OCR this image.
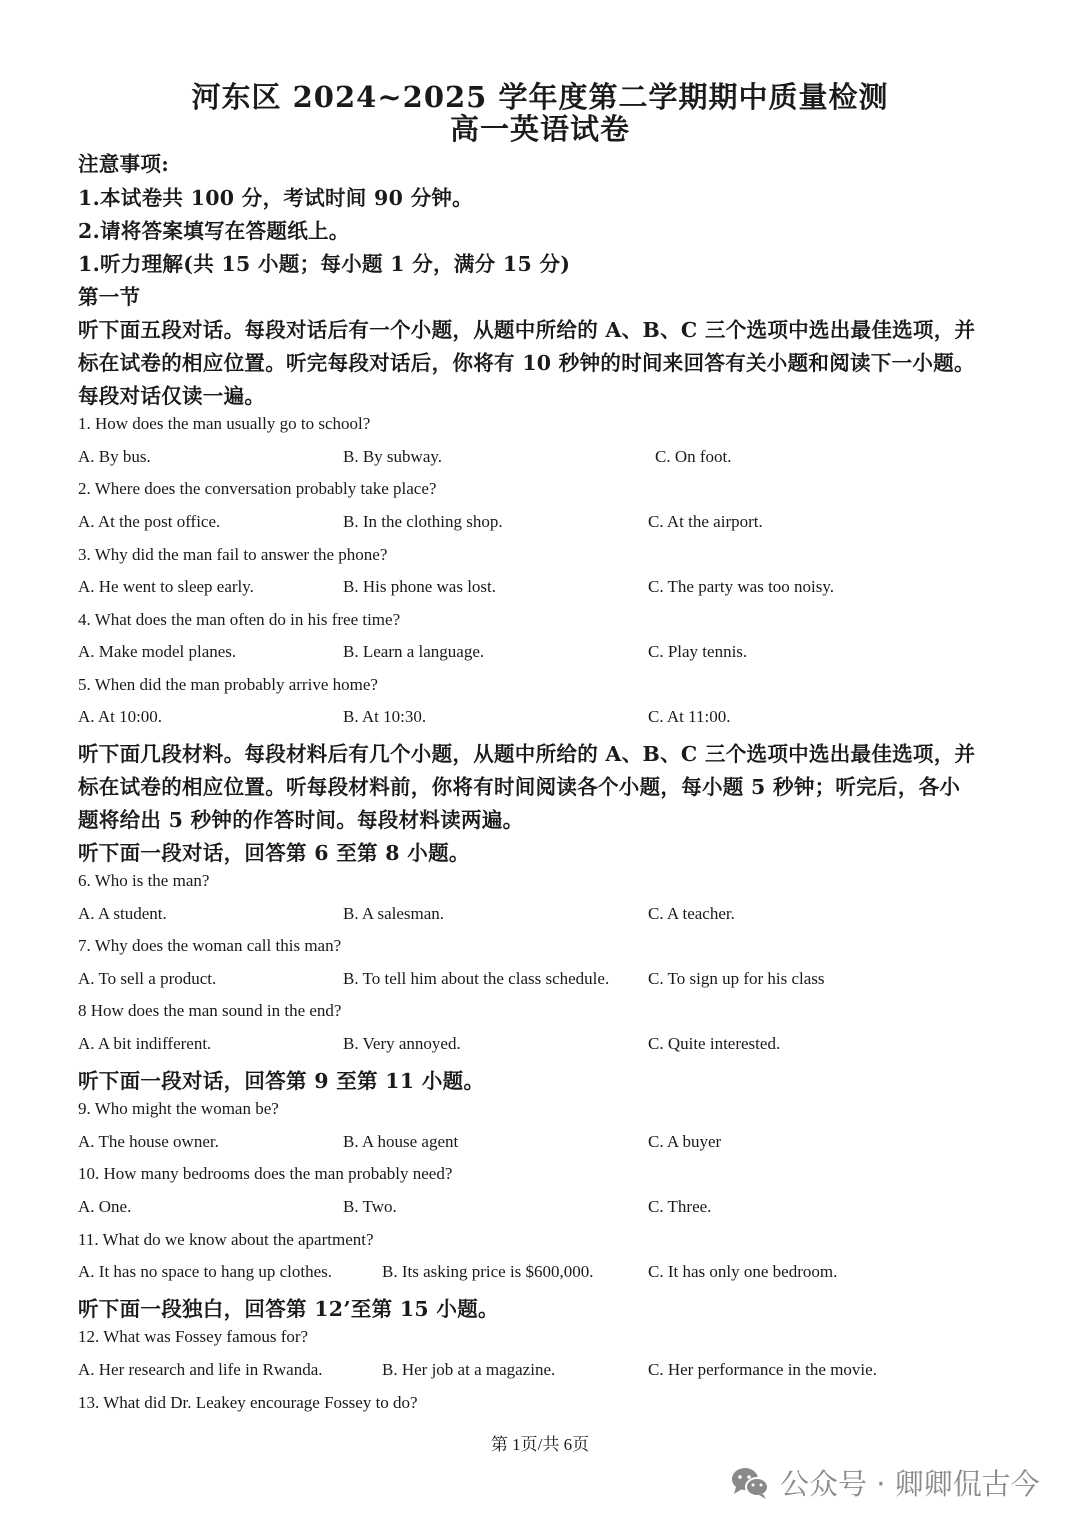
河东区 2024~2025 学年度第二学期期中质量检测
高一英语试卷
注意事项:
1.本试卷共 100 分，考试时间 90 分钟。
2.请将答案填写在答题纸上。
1.听力理解(共 15 小题；每小题 1 分，满分 15 分)
第一节
听下面五段对话。每段对话后有一个小题，从题中所给的 A、B、C 三个选项中选出最佳选项，并
标在试卷的相应位置。听完每段对话后，你将有 10 秒钟的时间来回答有关小题和阅读下一小题。
每段对话仅读一遍。
1. How does the man usually go to school?
A. By bus.	B. By subway.	C. On foot.
2. Where does the conversation probably take place?
A. At the post office.	B. In the clothing shop.	C. At the airport.
3. Why did the man fail to answer the phone?
A. He went to sleep early.	B. His phone was lost.	C. The party was too noisy.
4. What does the man often do in his free time?
A. Make model planes.	B. Learn a language.	C. Play tennis.
5. When did the man probably arrive home?
A. At 10:00.	B. At 10:30.	C. At 11:00.
听下面几段材料。每段材料后有几个小题，从题中所给的 A、B、C 三个选项中选出最佳选项，并
标在试卷的相应位置。听每段材料前，你将有时间阅读各个小题，每小题 5 秒钟；听完后，各小
题将给出 5 秒钟的作答时间。每段材料读两遍。
听下面一段对话，回答第 6 至第 8 小题。
6. Who is the man?
A. A student.	B. A salesman.	C. A teacher.
7. Why does the woman call this man?
A. To sell a product.	B. To tell him about the class schedule. C. To sign up for his class
8 How does the man sound in the end?
A. A bit indifferent.	B. Very annoyed.	C. Quite interested.
听下面一段对话，回答第 9 至第 11 小题。
9. Who might the woman be?
A. The house owner.	B. A house agent	C. A buyer
10. How many bedrooms does the man probably need?
A. One.	B. Two.	C. Three.
11. What do we know about the apartment?
A. It has no space to hang up clothes.	B. Its asking price is $600,000.	C. It has only one bedroom.
听下面一段独白，回答第 12’至第 15 小题。
12. What was Fossey famous for?
A. Her research and life in Rwanda.	B. Her job at a magazine.	C. Her performance in the movie.
13. What did Dr. Leakey encourage Fossey to do?
第 1页/共 6页
公众号 · 卿卿侃古今
